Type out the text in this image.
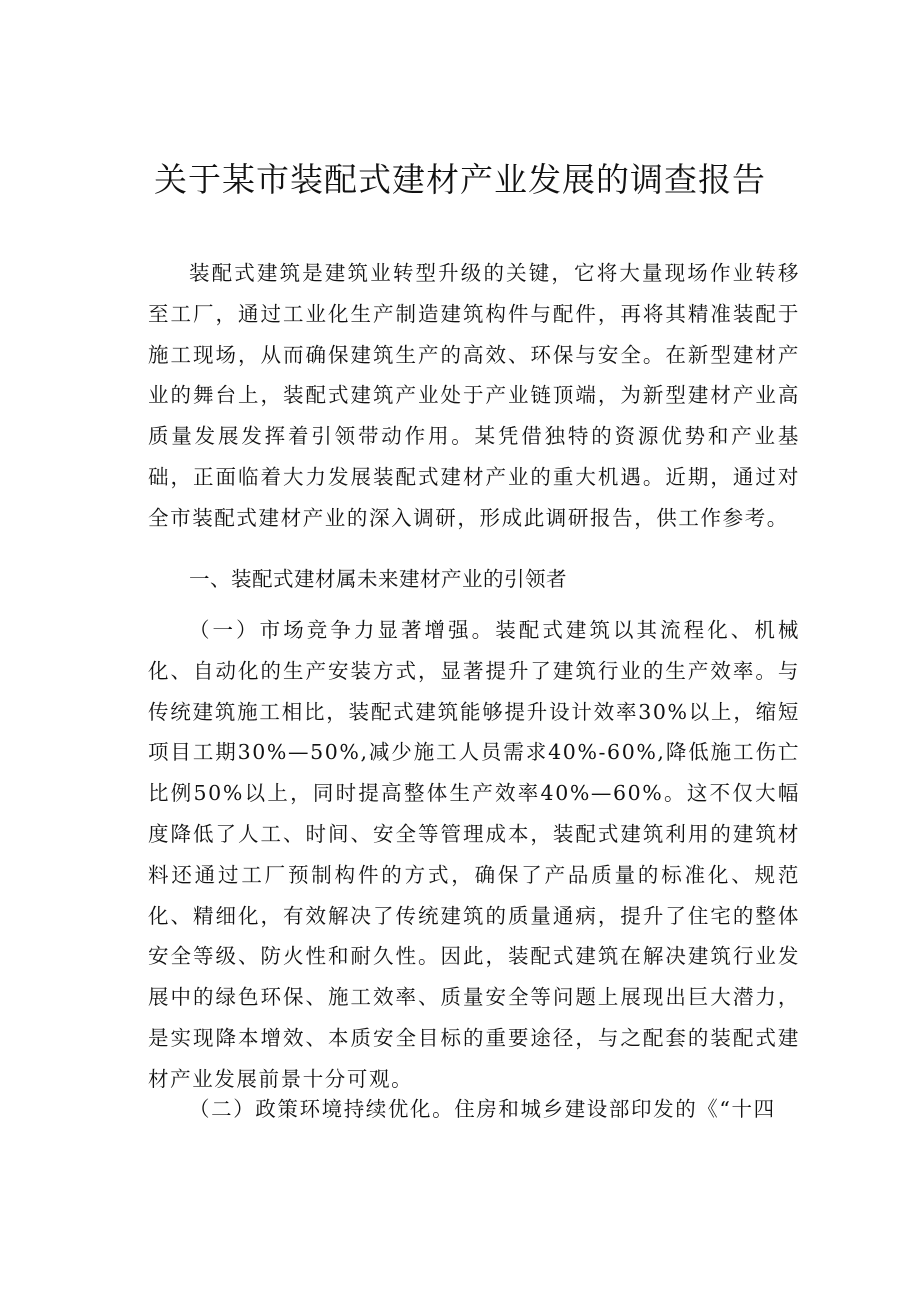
关于某市装配式建材产业发展的调查报告

装配式建筑是建筑业转型升级的关键，它将大量现场作业转移至工厂，通过工业化生产制造建筑构件与配件，再将其精准装配于施工现场，从而确保建筑生产的高效、环保与安全。在新型建材产业的舞台上，装配式建筑产业处于产业链顶端，为新型建材产业高质量发展发挥着引领带动作用。某凭借独特的资源优势和产业基础，正面临着大力发展装配式建材产业的重大机遇。近期，通过对全市装配式建材产业的深入调研，形成此调研报告，供工作参考。

一、装配式建材属未来建材产业的引领者

（一）市场竞争力显著增强。装配式建筑以其流程化、机械化、自动化的生产安装方式，显著提升了建筑行业的生产效率。与传统建筑施工相比，装配式建筑能够提升设计效率30%以上，缩短项目工期30%—50%,减少施工人员需求40%-60%,降低施工伤亡比例50%以上，同时提高整体生产效率40%—60%。这不仅大幅度降低了人工、时间、安全等管理成本，装配式建筑利用的建筑材料还通过工厂预制构件的方式，确保了产品质量的标准化、规范化、精细化，有效解决了传统建筑的质量通病，提升了住宅的整体安全等级、防火性和耐久性。因此，装配式建筑在解决建筑行业发展中的绿色环保、施工效率、质量安全等问题上展现出巨大潜力，是实现降本增效、本质安全目标的重要途径，与之配套的装配式建材产业发展前景十分可观。

（二）政策环境持续优化。住房和城乡建设部印发的《“十四
